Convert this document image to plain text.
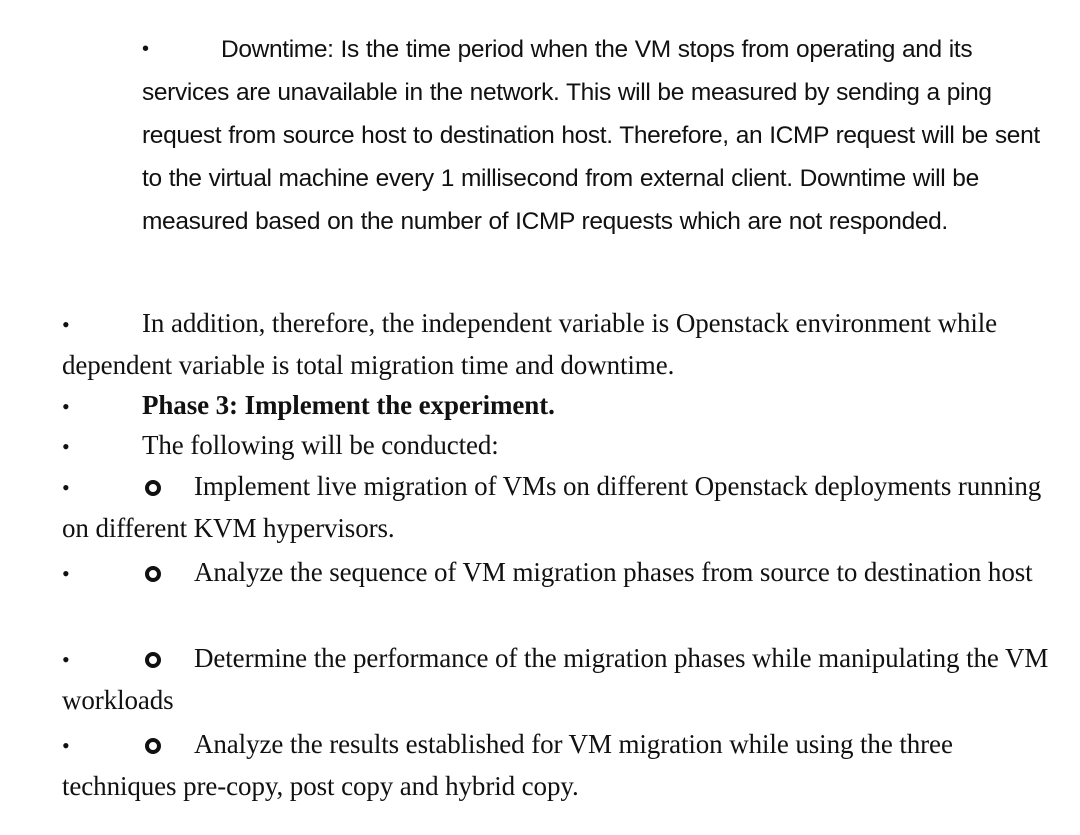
•	Downtime: Is the time period when the VM stops from operating and its services are unavailable in the network. This will be measured by sending a ping request from source host to destination host. Therefore, an ICMP request will be sent to the virtual machine every 1 millisecond from external client. Downtime will be measured based on the number of ICMP requests which are not responded.
•	In addition, therefore, the independent variable is Openstack environment while dependent variable is total migration time and downtime.
•	Phase 3: Implement the experiment.
•	The following will be conducted:
•	Implement live migration of VMs on different Openstack deployments running on different KVM hypervisors.
•	Analyze the sequence of VM migration phases from source to destination host
•	Determine the performance of the migration phases while manipulating the VM workloads
•	Analyze the results established for VM migration while using the three techniques pre-copy, post copy and hybrid copy.
